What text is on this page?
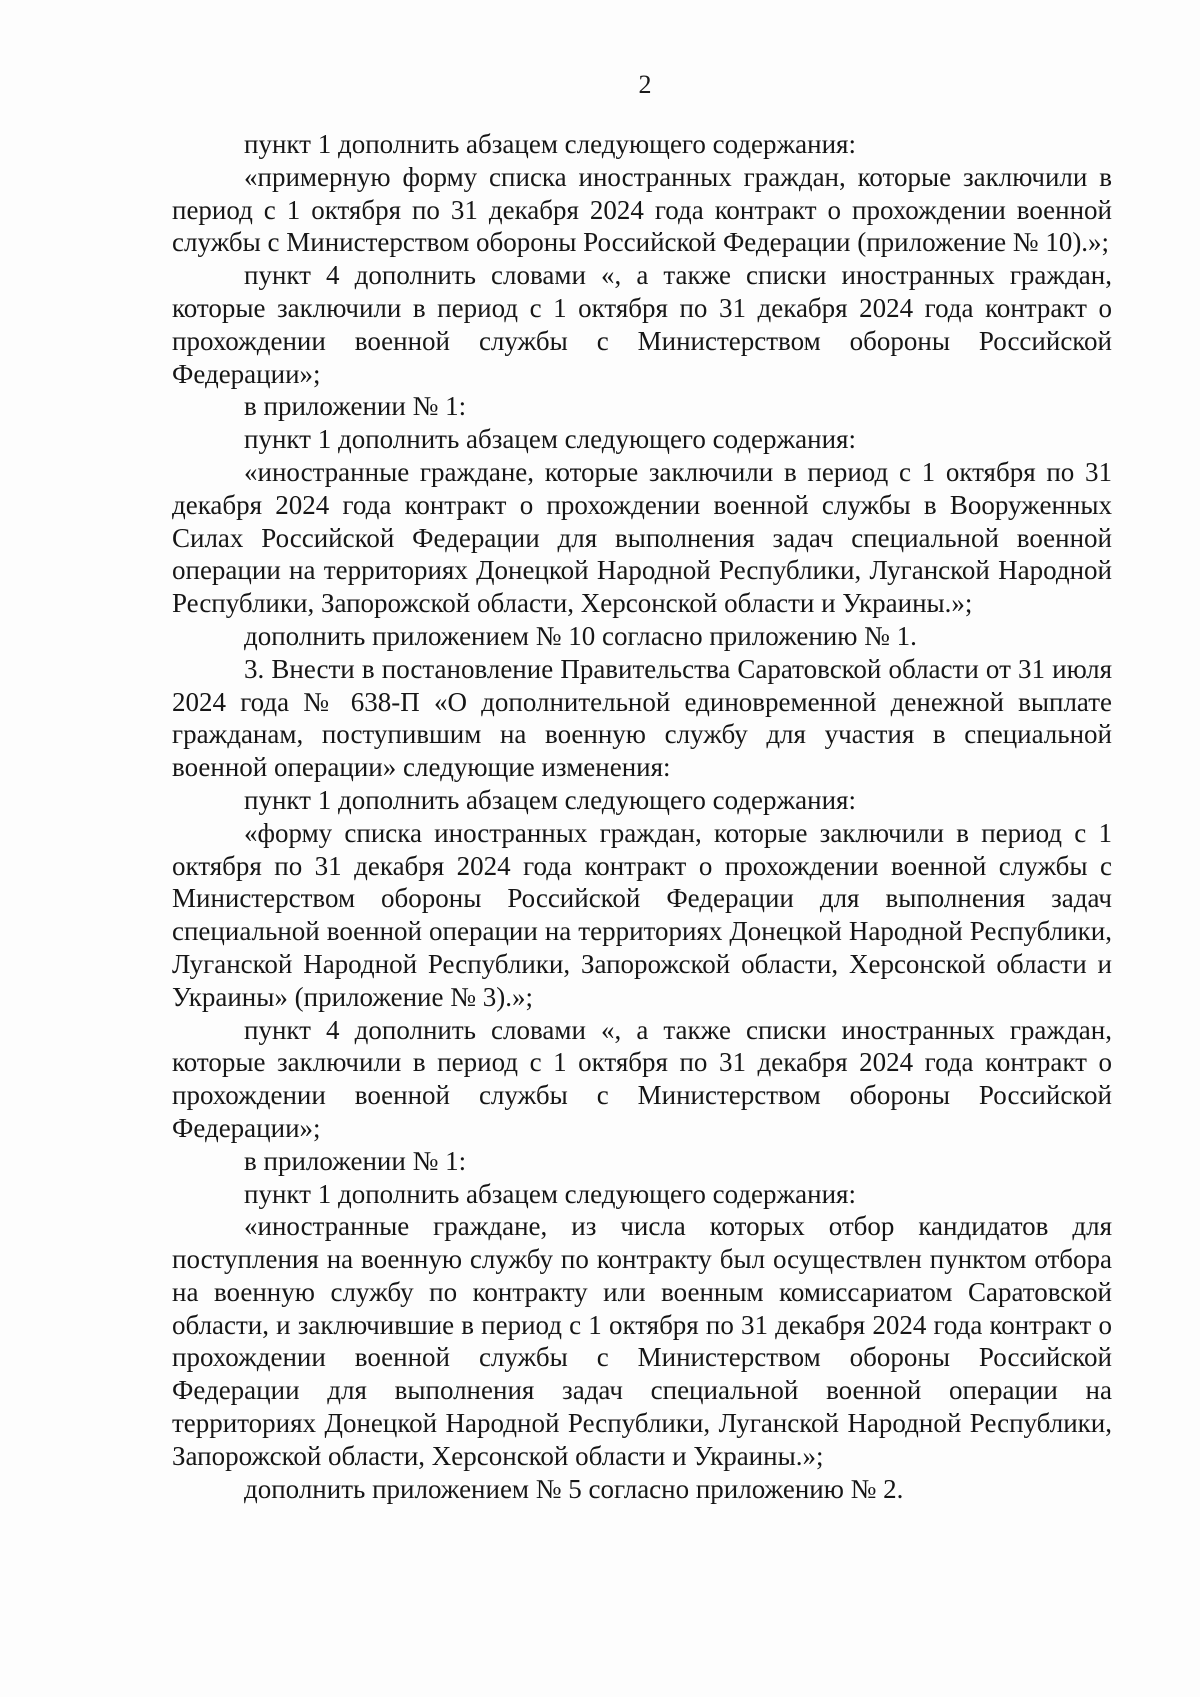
2

пункт 1 дополнить абзацем следующего содержания:

«примерную форму списка иностранных граждан, которые заключили в период с 1 октября по 31 декабря 2024 года контракт о прохождении военной службы с Министерством обороны Российской Федерации (приложение № 10).»;

пункт 4 дополнить словами «, а также списки иностранных граждан, которые заключили в период с 1 октября по 31 декабря 2024 года контракт о прохождении военной службы с Министерством обороны Российской Федерации»;

в приложении № 1:

пункт 1 дополнить абзацем следующего содержания:

«иностранные граждане, которые заключили в период с 1 октября по 31 декабря 2024 года контракт о прохождении военной службы в Вооруженных Силах Российской Федерации для выполнения задач специальной военной операции на территориях Донецкой Народной Республики, Луганской Народной Республики, Запорожской области, Херсонской области и Украины.»;

дополнить приложением № 10 согласно приложению № 1.

3. Внести в постановление Правительства Саратовской области от 31 июля 2024 года № 638-П «О дополнительной единовременной денежной выплате гражданам, поступившим на военную службу для участия в специальной военной операции» следующие изменения:

пункт 1 дополнить абзацем следующего содержания:

«форму списка иностранных граждан, которые заключили в период с 1 октября по 31 декабря 2024 года контракт о прохождении военной службы с Министерством обороны Российской Федерации для выполнения задач специальной военной операции на территориях Донецкой Народной Республики, Луганской Народной Республики, Запорожской области, Херсонской области и Украины» (приложение № 3).»;

пункт 4 дополнить словами «, а также списки иностранных граждан, которые заключили в период с 1 октября по 31 декабря 2024 года контракт о прохождении военной службы с Министерством обороны Российской Федерации»;

в приложении № 1:

пункт 1 дополнить абзацем следующего содержания:

«иностранные граждане, из числа которых отбор кандидатов для поступления на военную службу по контракту был осуществлен пунктом отбора на военную службу по контракту или военным комиссариатом Саратовской области, и заключившие в период с 1 октября по 31 декабря 2024 года контракт о прохождении военной службы с Министерством обороны Российской Федерации для выполнения задач специальной военной операции на территориях Донецкой Народной Республики, Луганской Народной Республики, Запорожской области, Херсонской области и Украины.»;

дополнить приложением № 5 согласно приложению № 2.
